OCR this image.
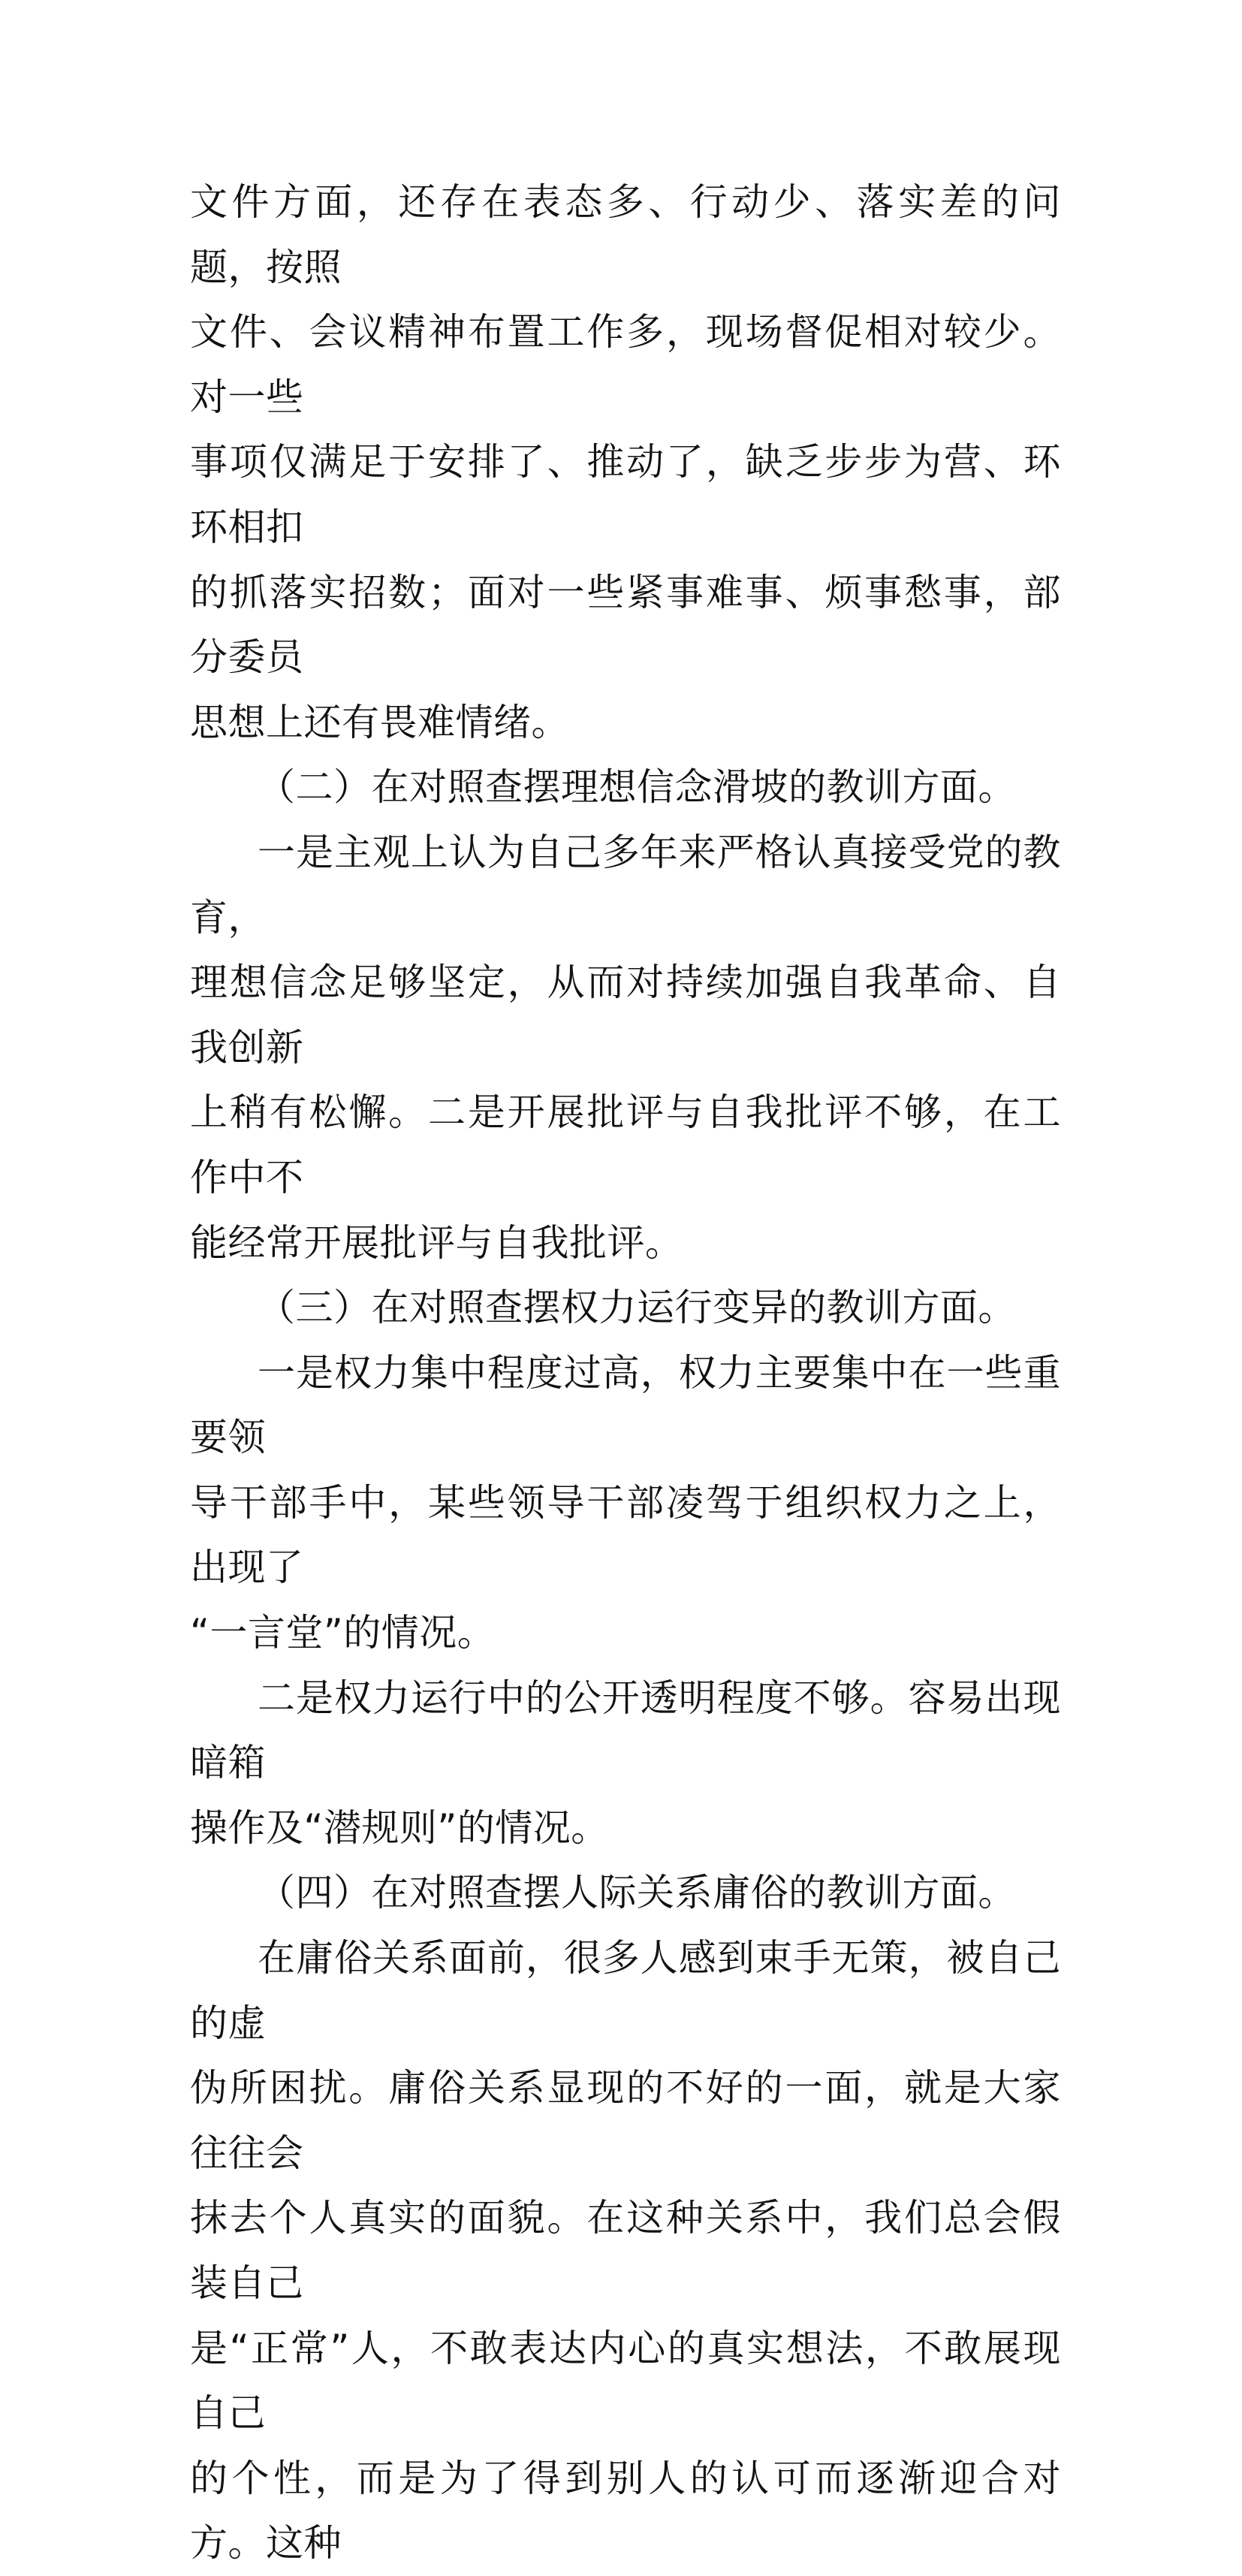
文件方面，还存在表态多、行动少、落实差的问题，按照
文件、会议精神布置工作多，现场督促相对较少。对一些
事项仅满足于安排了、推动了，缺乏步步为营、环环相扣
的抓落实招数；面对一些紧事难事、烦事愁事，部分委员
思想上还有畏难情绪。
（二）在对照查摆理想信念滑坡的教训方面。
一是主观上认为自己多年来严格认真接受党的教育，
理想信念足够坚定，从而对持续加强自我革命、自我创新
上稍有松懈。二是开展批评与自我批评不够，在工作中不
能经常开展批评与自我批评。
（三）在对照查摆权力运行变异的教训方面。
一是权力集中程度过高，权力主要集中在一些重要领
导干部手中，某些领导干部凌驾于组织权力之上，出现了
“一言堂”的情况。
二是权力运行中的公开透明程度不够。容易出现暗箱
操作及“潜规则”的情况。
（四）在对照查摆人际关系庸俗的教训方面。
在庸俗关系面前，很多人感到束手无策，被自己的虚
伪所困扰。庸俗关系显现的不好的一面，就是大家往往会
抹去个人真实的面貌。在这种关系中，我们总会假装自己
是“正常”人，不敢表达内心的真实想法，不敢展现自己
的个性，而是为了得到别人的认可而逐渐迎合对方。这种
